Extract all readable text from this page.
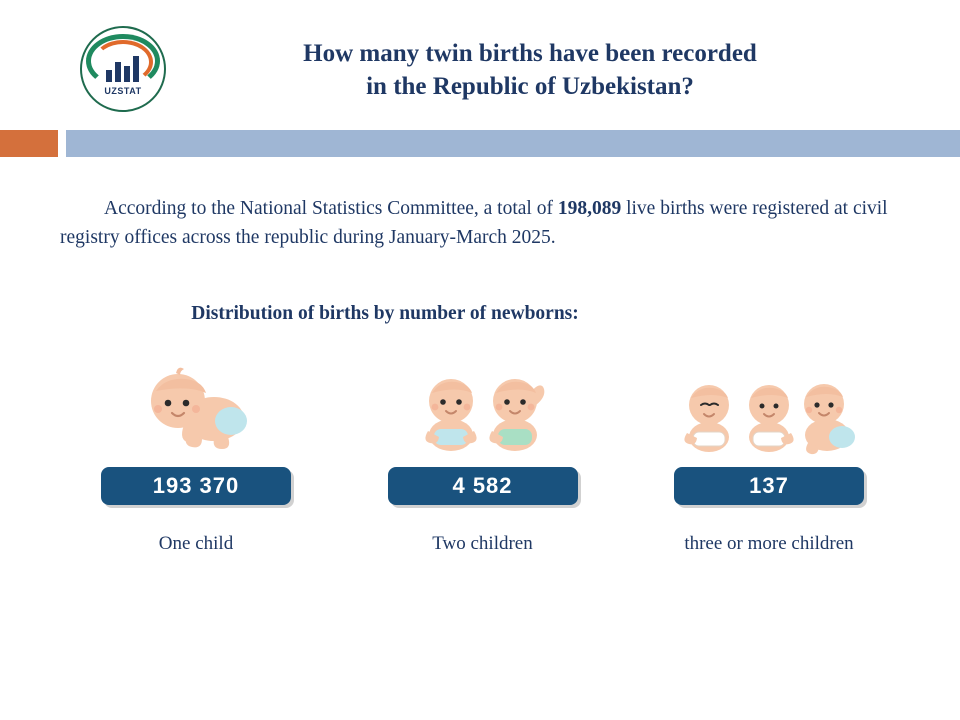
UZSTAT
How many twin births have been recorded
in the Republic of Uzbekistan?

According to the National Statistics Committee, a total of 198,089 live births were registered at civil registry offices across the republic during January-March 2025.

Distribution of births by number of newborns:
193 370
One child
4 582
Two children
137
three or more children
